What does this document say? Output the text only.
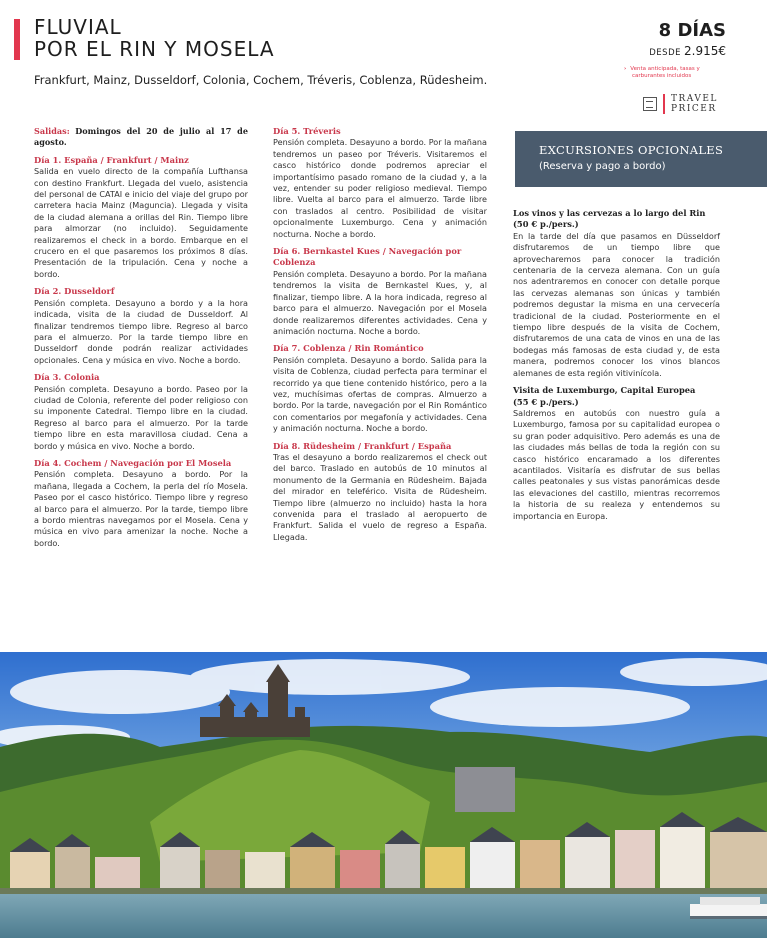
FLUVIAL
POR EL RIN Y MOSELA

Frankfurt, Mainz, Dusseldorf, Colonia, Cochem, Tréveris, Coblenza, Rüdesheim.

8 DÍAS
DESDE 2.915€
› Venta anticipada, tasas y
carburantes incluidos
TRAVEL
PRICER

Salidas: Domingos del 20 de julio al 17 de agosto.

Día 1. España / Frankfurt / Mainz

Salida en vuelo directo de la compañía Lufthansa con destino Frankfurt. Llegada del vuelo, asistencia del personal de CATAI e inicio del viaje del grupo por carretera hacia Mainz (Maguncia). Llegada y visita de la ciudad alemana a orillas del Rin. Tiempo libre para almorzar (no incluido). Seguidamente realizaremos el check in a bordo. Embarque en el crucero en el que pasaremos los próximos 8 días. Presentación de la tripulación. Cena y noche a bordo.

Día 2. Dusseldorf

Pensión completa. Desayuno a bordo y a la hora indicada, visita de la ciudad de Dusseldorf. Al finalizar tendremos tiempo libre. Regreso al barco para el almuerzo. Por la tarde tiempo libre en Dusseldorf donde podrán realizar actividades opcionales. Cena y música en vivo. Noche a bordo.

Día 3. Colonia

Pensión completa. Desayuno a bordo. Paseo por la ciudad de Colonia, referente del poder religioso con su imponente Catedral. Tiempo libre en la ciudad. Regreso al barco para el almuerzo. Por la tarde tiempo libre en esta maravillosa ciudad. Cena a bordo y música en vivo. Noche a bordo.

Día 4. Cochem / Navegación por El Mosela

Pensión completa. Desayuno a bordo. Por la mañana, llegada a Cochem, la perla del río Mosela. Paseo por el casco histórico. Tiempo libre y regreso al barco para el almuerzo. Por la tarde, tiempo libre a bordo mientras navegamos por el Mosela. Cena y música en vivo para amenizar la noche. Noche a bordo.

Día 5. Tréveris

Pensión completa. Desayuno a bordo. Por la mañana tendremos un paseo por Tréveris. Visitaremos el casco histórico donde podremos apreciar el importantísimo pasado romano de la ciudad y, a la vez, entender su poder religioso medieval. Tiempo libre. Vuelta al barco para el almuerzo. Tarde libre con traslados al centro. Posibilidad de visitar opcionalmente Luxemburgo. Cena y animación nocturna. Noche a bordo.

Día 6. Bernkastel Kues / Navegación por Coblenza

Pensión completa. Desayuno a bordo. Por la mañana tendremos la visita de Bernkastel Kues, y, al finalizar, tiempo libre. A la hora indicada, regreso al barco para el almuerzo. Navegación por el Mosela donde realizaremos diferentes actividades. Cena y animación nocturna. Noche a bordo.

Día 7. Coblenza / Rin Romántico

Pensión completa. Desayuno a bordo. Salida para la visita de Coblenza, ciudad perfecta para terminar el recorrido ya que tiene contenido histórico, pero a la vez, muchísimas ofertas de compras. Almuerzo a bordo. Por la tarde, navegación por el Rin Romántico con comentarios por megafonía y actividades. Cena y animación nocturna. Noche a bordo.

Día 8. Rüdesheim / Frankfurt / España

Tras el desayuno a bordo realizaremos el check out del barco. Traslado en autobús de 10 minutos al monumento de la Germania en Rüdesheim. Bajada del mirador en teleférico. Visita de Rüdesheim. Tiempo libre (almuerzo no incluido) hasta la hora convenida para el traslado al aeropuerto de Frankfurt. Salida el vuelo de regreso a España. Llegada.

EXCURSIONES OPCIONALES
(Reserva y pago a bordo)
Los vinos y las cervezas a lo largo del Rin
(50 € p./pers.)

En la tarde del día que pasamos en Düsseldorf disfrutaremos de un tiempo libre que aprovecharemos para conocer la tradición centenaria de la cerveza alemana. Con un guía nos adentraremos en conocer con detalle porque las cervezas alemanas son únicas y también podremos degustar la misma en una cervecería tradicional de la ciudad. Posteriormente en el tiempo libre después de la visita de Cochem, disfrutaremos de una cata de vinos en una de las bodegas más famosas de esta ciudad y, de esta manera, podremos conocer los vinos blancos alemanes de esta región vitivinícola.

Visita de Luxemburgo, Capital Europea
(55 € p./pers.)

Saldremos en autobús con nuestro guía a Luxemburgo, famosa por su capitalidad europea o su gran poder adquisitivo. Pero además es una de las ciudades más bellas de toda la región con su casco histórico encaramado a los diferentes acantilados. Visitaría es disfrutar de sus bellas calles peatonales y sus vistas panorámicas desde las elevaciones del castillo, mientras recorremos la historia de su realeza y entendemos su importancia en Europa.
